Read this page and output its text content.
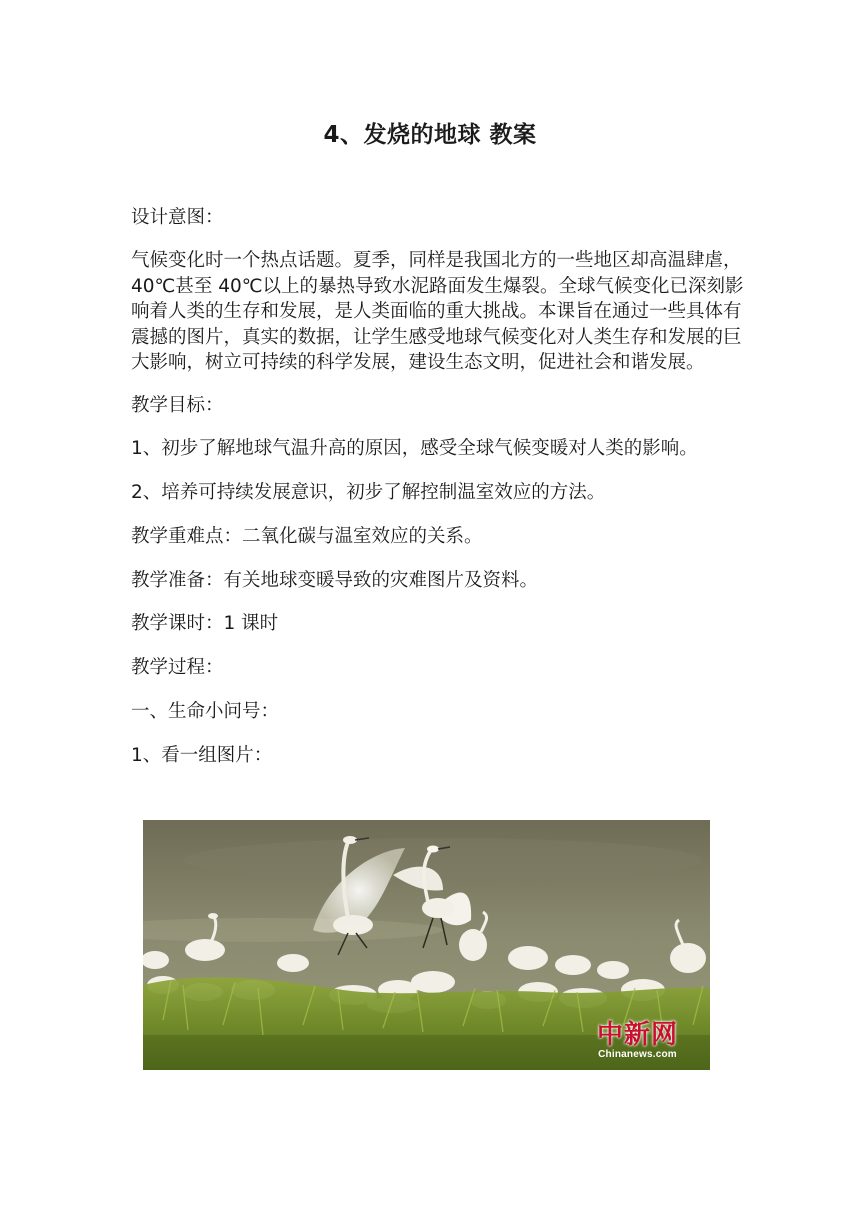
4、发烧的地球 教案

设计意图：

气候变化时一个热点话题。夏季，同样是我国北方的一些地区却高温肆虐，40℃甚至 40℃以上的暴热导致水泥路面发生爆裂。全球气候变化已深刻影响着人类的生存和发展，是人类面临的重大挑战。本课旨在通过一些具体有震撼的图片，真实的数据，让学生感受地球气候变化对人类生存和发展的巨大影响，树立可持续的科学发展，建设生态文明，促进社会和谐发展。

教学目标：

1、初步了解地球气温升高的原因，感受全球气候变暖对人类的影响。

2、培养可持续发展意识，初步了解控制温室效应的方法。

教学重难点：二氧化碳与温室效应的关系。

教学准备：有关地球变暖导致的灾难图片及资料。

教学课时：1 课时

教学过程：

一、生命小问号：

1、看一组图片：

中新网
Chinanews.com
